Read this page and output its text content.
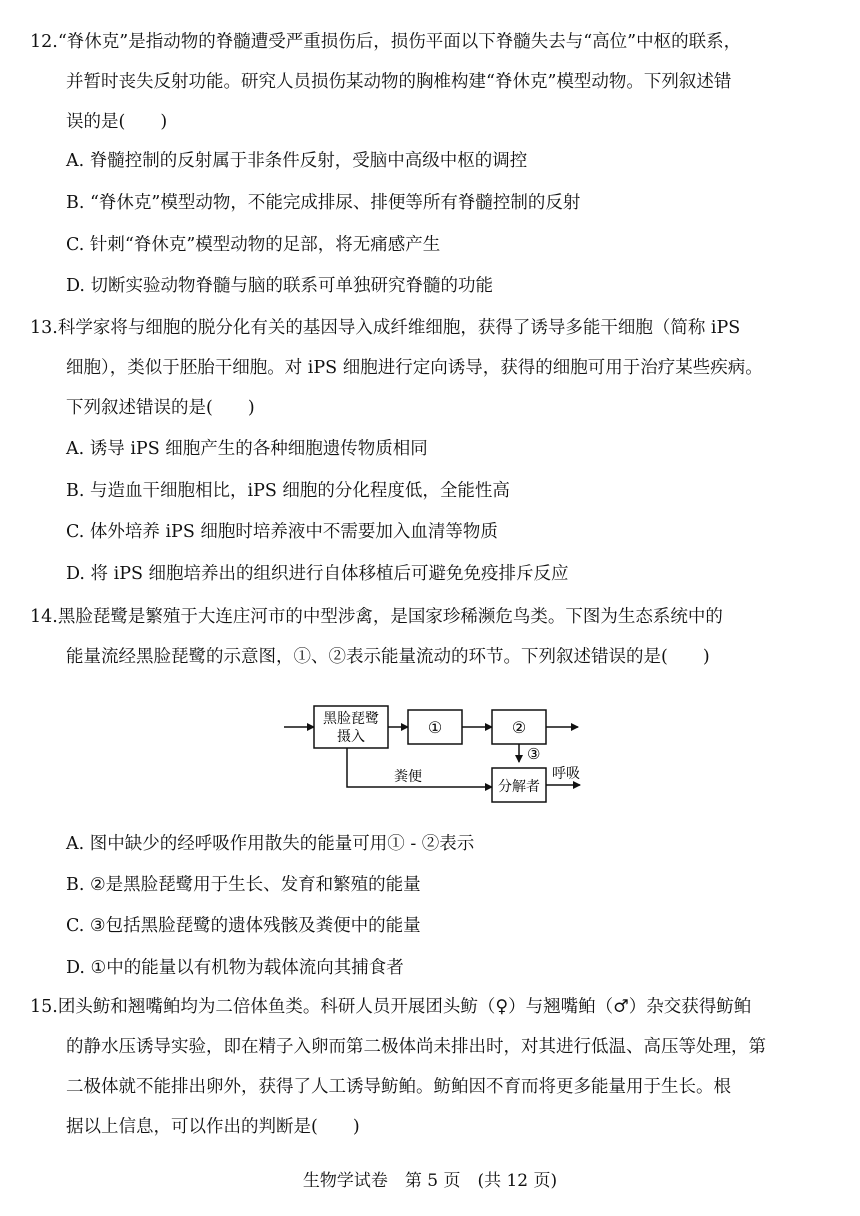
12.“脊休克”是指动物的脊髓遭受严重损伤后，损伤平面以下脊髓失去与“高位”中枢的联系，
并暂时丧失反射功能。研究人员损伤某动物的胸椎构建“脊休克”模型动物。下列叙述错
误的是(　　)
A. 脊髓控制的反射属于非条件反射，受脑中高级中枢的调控
B. “脊休克”模型动物，不能完成排尿、排便等所有脊髓控制的反射
C. 针刺“脊休克”模型动物的足部，将无痛感产生
D. 切断实验动物脊髓与脑的联系可单独研究脊髓的功能
13.科学家将与细胞的脱分化有关的基因导入成纤维细胞，获得了诱导多能干细胞（简称 iPS
细胞），类似于胚胎干细胞。对 iPS 细胞进行定向诱导，获得的细胞可用于治疗某些疾病。
下列叙述错误的是(　　)
A. 诱导 iPS 细胞产生的各种细胞遗传物质相同
B. 与造血干细胞相比，iPS 细胞的分化程度低，全能性高
C. 体外培养 iPS 细胞时培养液中不需要加入血清等物质
D. 将 iPS 细胞培养出的组织进行自体移植后可避免免疫排斥反应
14.黑脸琵鹭是繁殖于大连庄河市的中型涉禽，是国家珍稀濒危鸟类。下图为生态系统中的
能量流经黑脸琵鹭的示意图，①、②表示能量流动的环节。下列叙述错误的是(　　)
黑脸琵鹭
摄入	①	②
③
粪便
分解者
呼吸
A. 图中缺少的经呼吸作用散失的能量可用① - ②表示
B. ②是黑脸琵鹭用于生长、发育和繁殖的能量
C. ③包括黑脸琵鹭的遗体残骸及粪便中的能量
D. ①中的能量以有机物为载体流向其捕食者
15.团头鲂和翘嘴鲌均为二倍体鱼类。科研人员开展团头鲂（♀）与翘嘴鲌（♂）杂交获得鲂鲌
的静水压诱导实验，即在精子入卵而第二极体尚未排出时，对其进行低温、高压等处理，第
二极体就不能排出卵外，获得了人工诱导鲂鲌。鲂鲌因不育而将更多能量用于生长。根
据以上信息，可以作出的判断是(　　)
生物学试卷　第 5 页　(共 12 页)
